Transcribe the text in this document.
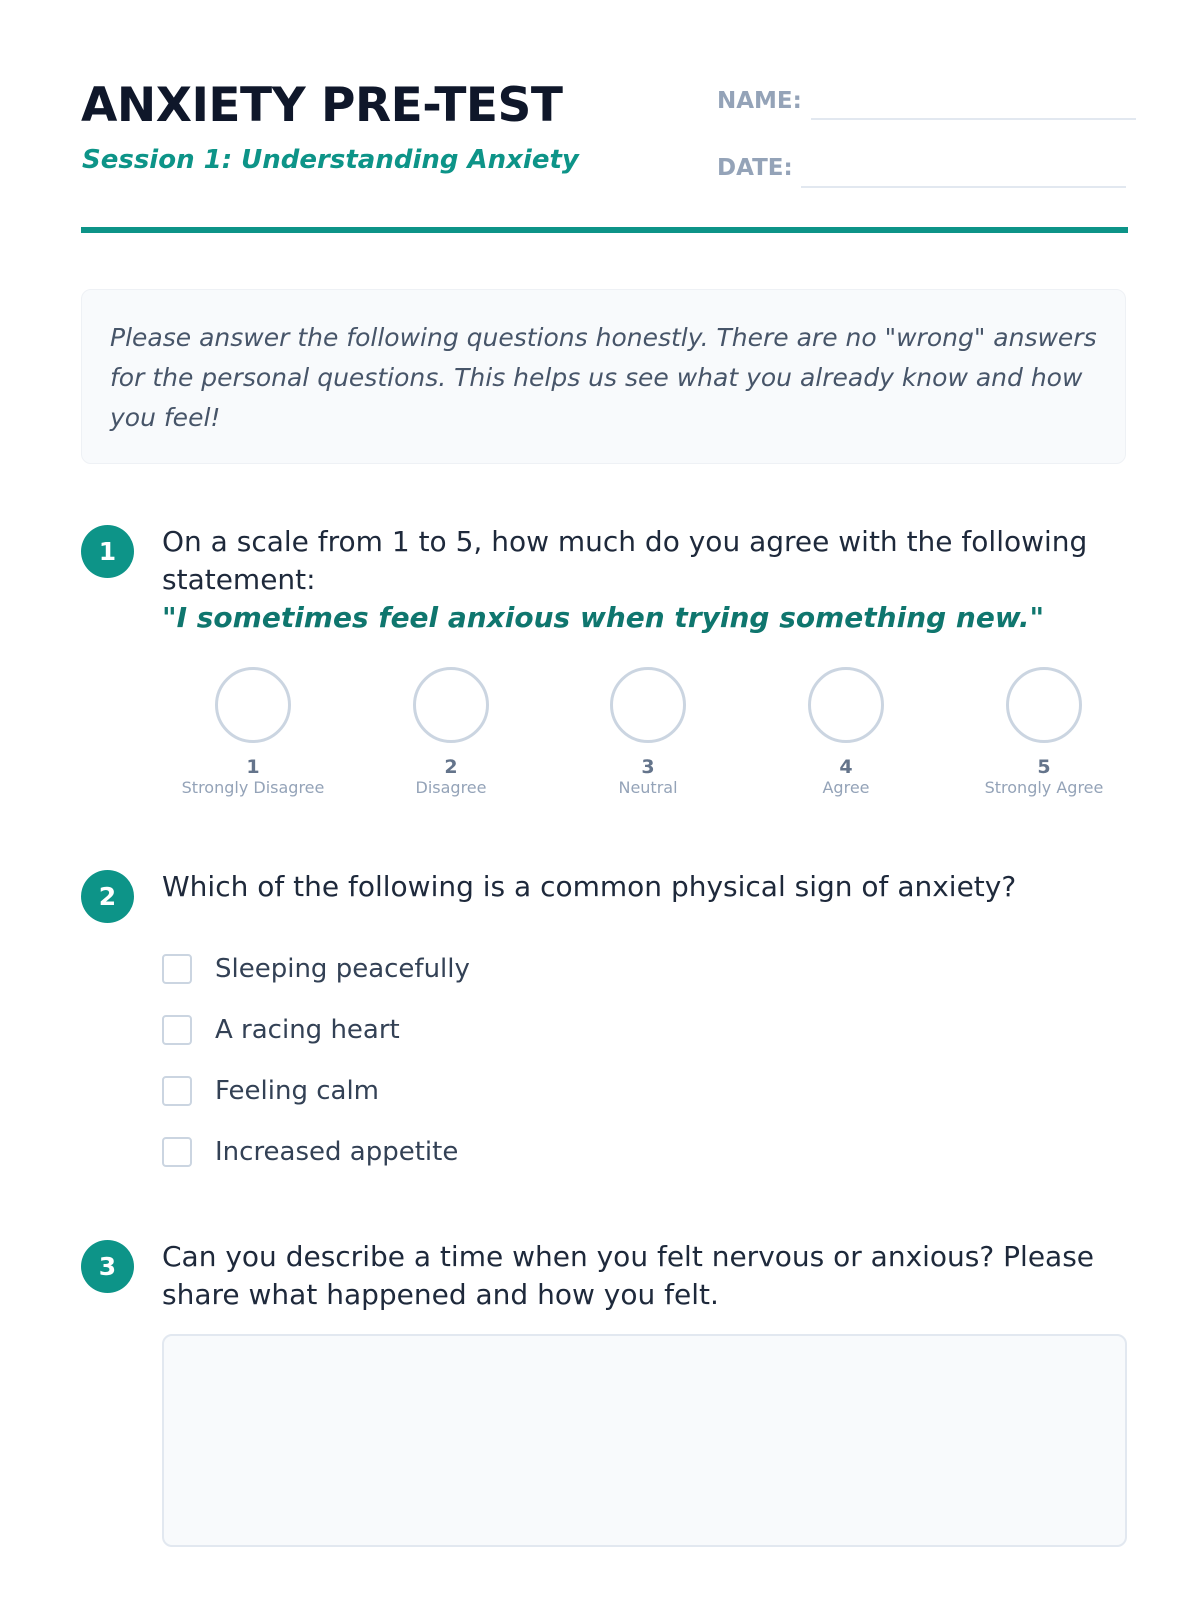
ANXIETY PRE-TEST
Session 1: Understanding Anxiety
NAME:
DATE:
Please answer the following questions honestly. There are no "wrong" answers for the personal questions. This helps us see what you already know and how you feel!
1	On a scale from 1 to 5, how much do you agree with the following statement:
"I sometimes feel anxious when trying something new."
1
Strongly Disagree
2
Disagree
3
Neutral
4
Agree
5
Strongly Agree
2	Which of the following is a common physical sign of anxiety?
Sleeping peacefully
A racing heart
Feeling calm
Increased appetite
3	Can you describe a time when you felt nervous or anxious? Please share what happened and how you felt.
